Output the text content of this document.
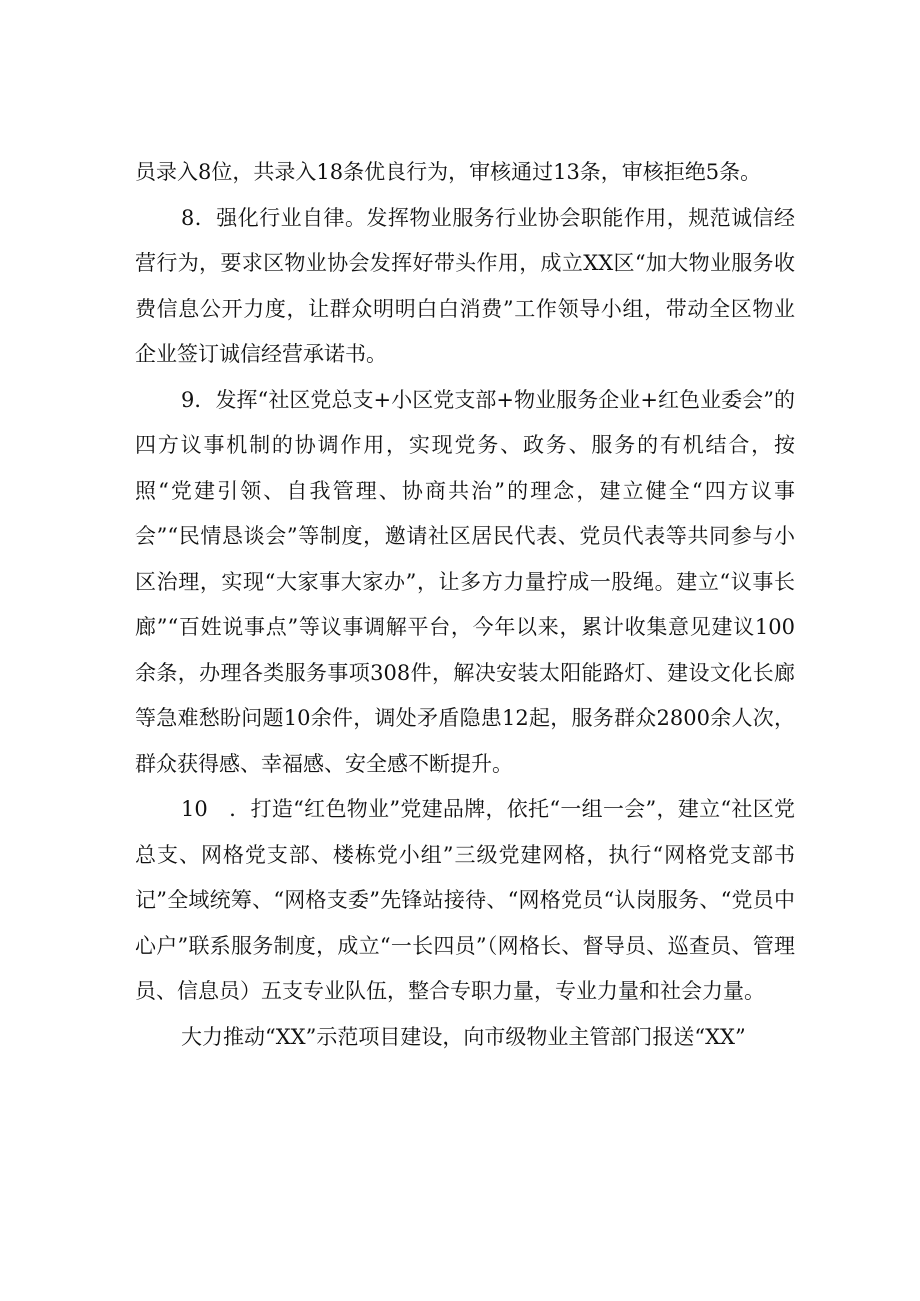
员录入8位，共录入18条优良行为，审核通过13条，审核拒绝5条。

8．强化行业自律。发挥物业服务行业协会职能作用，规范诚信经营行为，要求区物业协会发挥好带头作用，成立XX区“加大物业服务收费信息公开力度，让群众明明白白消费”工作领导小组，带动全区物业企业签订诚信经营承诺书。

9．发挥“社区党总支+小区党支部+物业服务企业+红色业委会”的四方议事机制的协调作用，实现党务、政务、服务的有机结合，按照“党建引领、自我管理、协商共治”的理念，建立健全“四方议事会”“民情恳谈会”等制度，邀请社区居民代表、党员代表等共同参与小区治理，实现“大家事大家办”，让多方力量拧成一股绳。建立“议事长廊”“百姓说事点”等议事调解平台，今年以来，累计收集意见建议100余条，办理各类服务事项308件，解决安装太阳能路灯、建设文化长廊等急难愁盼问题10余件，调处矛盾隐患12起，服务群众2800余人次，群众获得感、幸福感、安全感不断提升。

10　．打造“红色物业”党建品牌，依托“一组一会”，建立“社区党总支、网格党支部、楼栋党小组”三级党建网格，执行“网格党支部书记”全域统筹、“网格支委”先锋站接待、“网格党员“认岗服务、“党员中心户”联系服务制度，成立“一长四员”（网格长、督导员、巡查员、管理员、信息员）五支专业队伍，整合专职力量，专业力量和社会力量。

大力推动“XX”示范项目建设，向市级物业主管部门报送“XX”
